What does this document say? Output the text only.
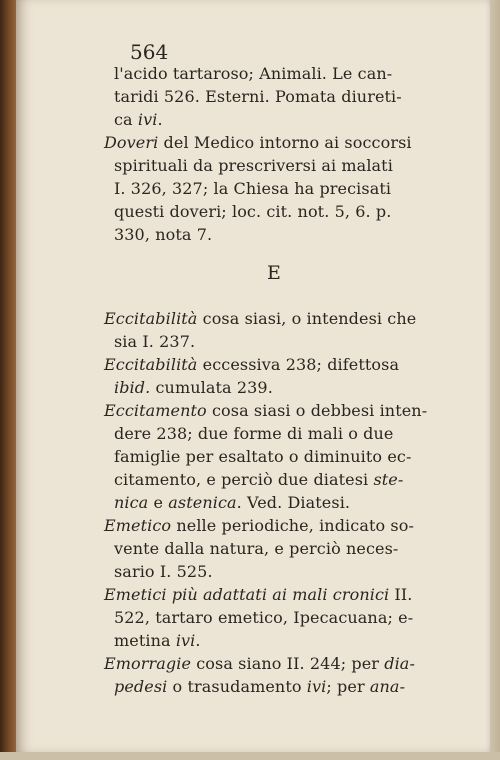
564
l'acido tartaroso; Animali. Le can-
taridi 526. Esterni. Pomata diureti-
ca ivi.
Doveri del Medico intorno ai soccorsi
spirituali da prescriversi ai malati
I. 326, 327; la Chiesa ha precisati
questi doveri; loc. cit. not. 5, 6. p.
330, nota 7.
E
Eccitabilità cosa siasi, o intendesi che
sia I. 237.
Eccitabilità eccessiva 238; difettosa
ibid. cumulata 239.
Eccitamento cosa siasi o debbesi inten-
dere 238; due forme di mali o due
famiglie per esaltato o diminuito ec-
citamento, e perciò due diatesi ste-
nica e astenica. Ved. Diatesi.
Emetico nelle periodiche, indicato so-
vente dalla natura, e perciò neces-
sario I. 525.
Emetici più adattati ai mali cronici II.
522, tartaro emetico, Ipecacuana; e-
metina ivi.
Emorragie cosa siano II. 244; per dia-
pedesi o trasudamento ivi; per ana-
